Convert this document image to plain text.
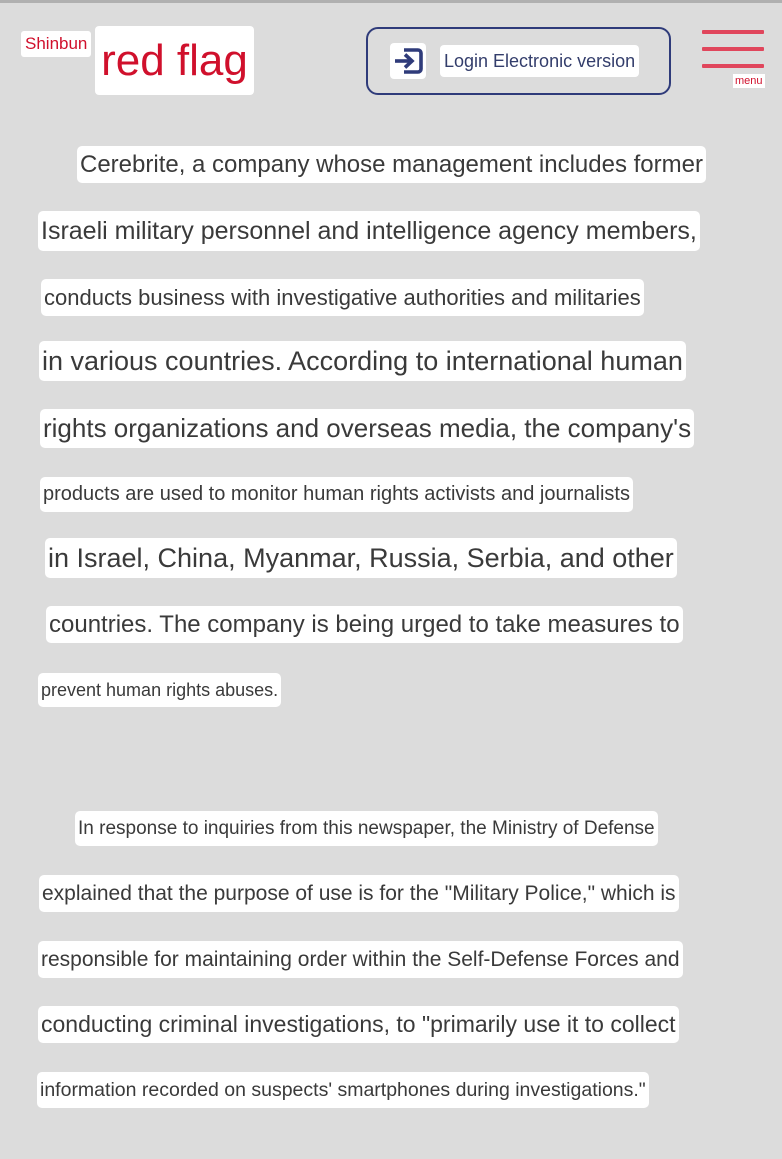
Shinbun red flag	Login Electronic version
menu
Cerebrite, a company whose management includes former
Israeli military personnel and intelligence agency members,
conducts business with investigative authorities and militaries
in various countries. According to international human
rights organizations and overseas media, the company's
products are used to monitor human rights activists and journalists
in Israel, China, Myanmar, Russia, Serbia, and other
countries. The company is being urged to take measures to
prevent human rights abuses.
In response to inquiries from this newspaper, the Ministry of Defense
explained that the purpose of use is for the "Military Police," which is
responsible for maintaining order within the Self-Defense Forces and
conducting criminal investigations, to "primarily use it to collect
information recorded on suspects' smartphones during investigations."
